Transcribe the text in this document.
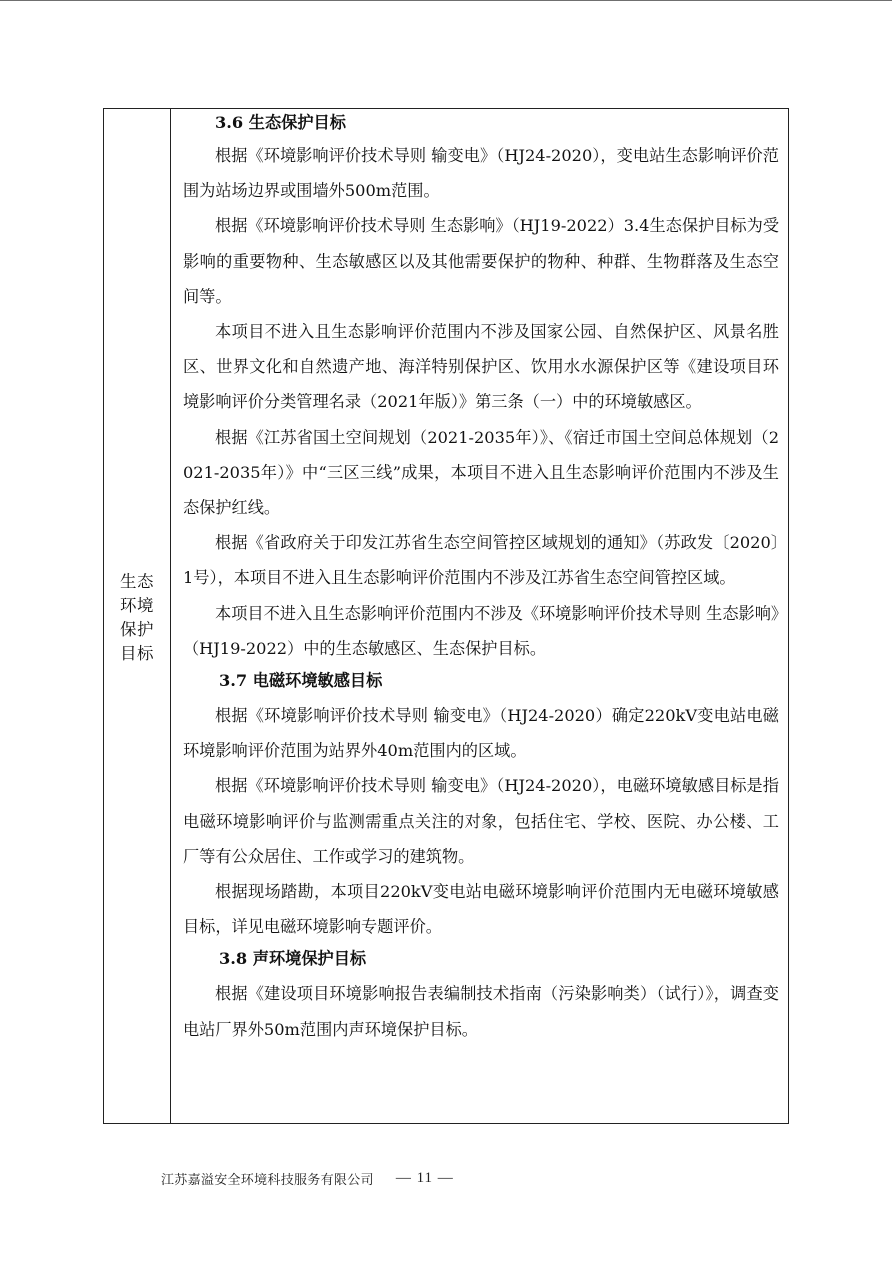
生态环境保护目标
3.6 生态保护目标

根据《环境影响评价技术导则 输变电》（HJ24-2020），变电站生态影响评价范围为站场边界或围墙外500m范围。

根据《环境影响评价技术导则 生态影响》（HJ19-2022）3.4生态保护目标为受影响的重要物种、生态敏感区以及其他需要保护的物种、种群、生物群落及生态空间等。

本项目不进入且生态影响评价范围内不涉及国家公园、自然保护区、风景名胜区、世界文化和自然遗产地、海洋特别保护区、饮用水水源保护区等《建设项目环境影响评价分类管理名录（2021年版）》第三条（一）中的环境敏感区。

根据《江苏省国土空间规划（2021-2035年）》、《宿迁市国土空间总体规划（2021-2035年）》中“三区三线”成果，本项目不进入且生态影响评价范围内不涉及生态保护红线。

根据《省政府关于印发江苏省生态空间管控区域规划的通知》（苏政发〔2020〕1号），本项目不进入且生态影响评价范围内不涉及江苏省生态空间管控区域。

本项目不进入且生态影响评价范围内不涉及《环境影响评价技术导则 生态影响》（HJ19-2022）中的生态敏感区、生态保护目标。

3.7 电磁环境敏感目标

根据《环境影响评价技术导则 输变电》（HJ24-2020）确定220kV变电站电磁环境影响评价范围为站界外40m范围内的区域。

根据《环境影响评价技术导则 输变电》（HJ24-2020），电磁环境敏感目标是指电磁环境影响评价与监测需重点关注的对象，包括住宅、学校、医院、办公楼、工厂等有公众居住、工作或学习的建筑物。

根据现场踏勘，本项目220kV变电站电磁环境影响评价范围内无电磁环境敏感目标，详见电磁环境影响专题评价。

3.8 声环境保护目标

根据《建设项目环境影响报告表编制技术指南（污染影响类）（试行）》，调查变电站厂界外50m范围内声环境保护目标。

江苏嘉溢安全环境科技服务有限公司 — 11 —
